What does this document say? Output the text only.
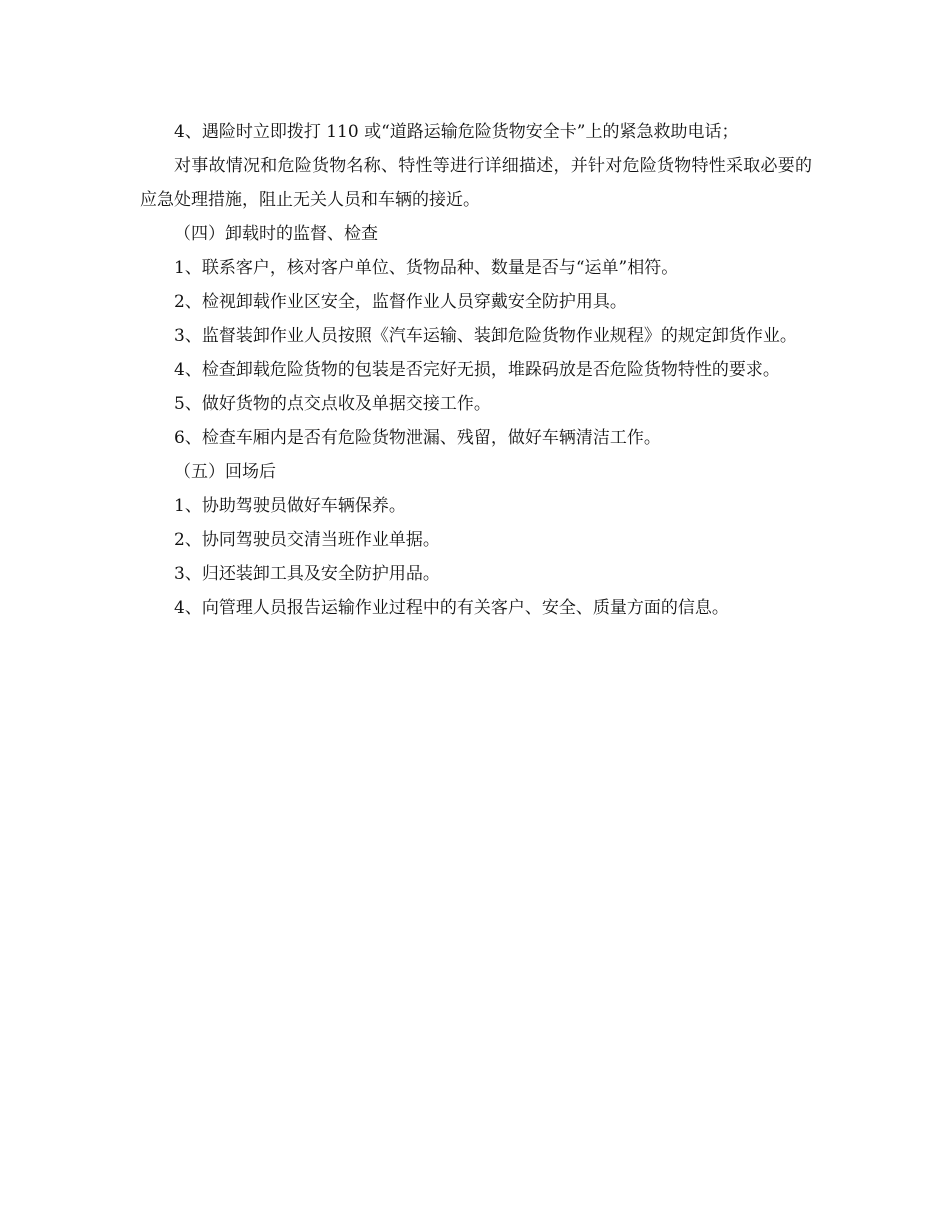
4、遇险时立即拨打 110 或“道路运输危险货物安全卡”上的紧急救助电话；

对事故情况和危险货物名称、特性等进行详细描述，并针对危险货物特性采取必要的应急处理措施，阻止无关人员和车辆的接近。

（四）卸载时的监督、检查

1、联系客户，核对客户单位、货物品种、数量是否与“运单”相符。

2、检视卸载作业区安全，监督作业人员穿戴安全防护用具。

3、监督装卸作业人员按照《汽车运输、装卸危险货物作业规程》的规定卸货作业。

4、检查卸载危险货物的包装是否完好无损，堆跺码放是否危险货物特性的要求。

5、做好货物的点交点收及单据交接工作。

6、检查车厢内是否有危险货物泄漏、残留，做好车辆清洁工作。

（五）回场后

1、协助驾驶员做好车辆保养。

2、协同驾驶员交清当班作业单据。

3、归还装卸工具及安全防护用品。

4、向管理人员报告运输作业过程中的有关客户、安全、质量方面的信息。
